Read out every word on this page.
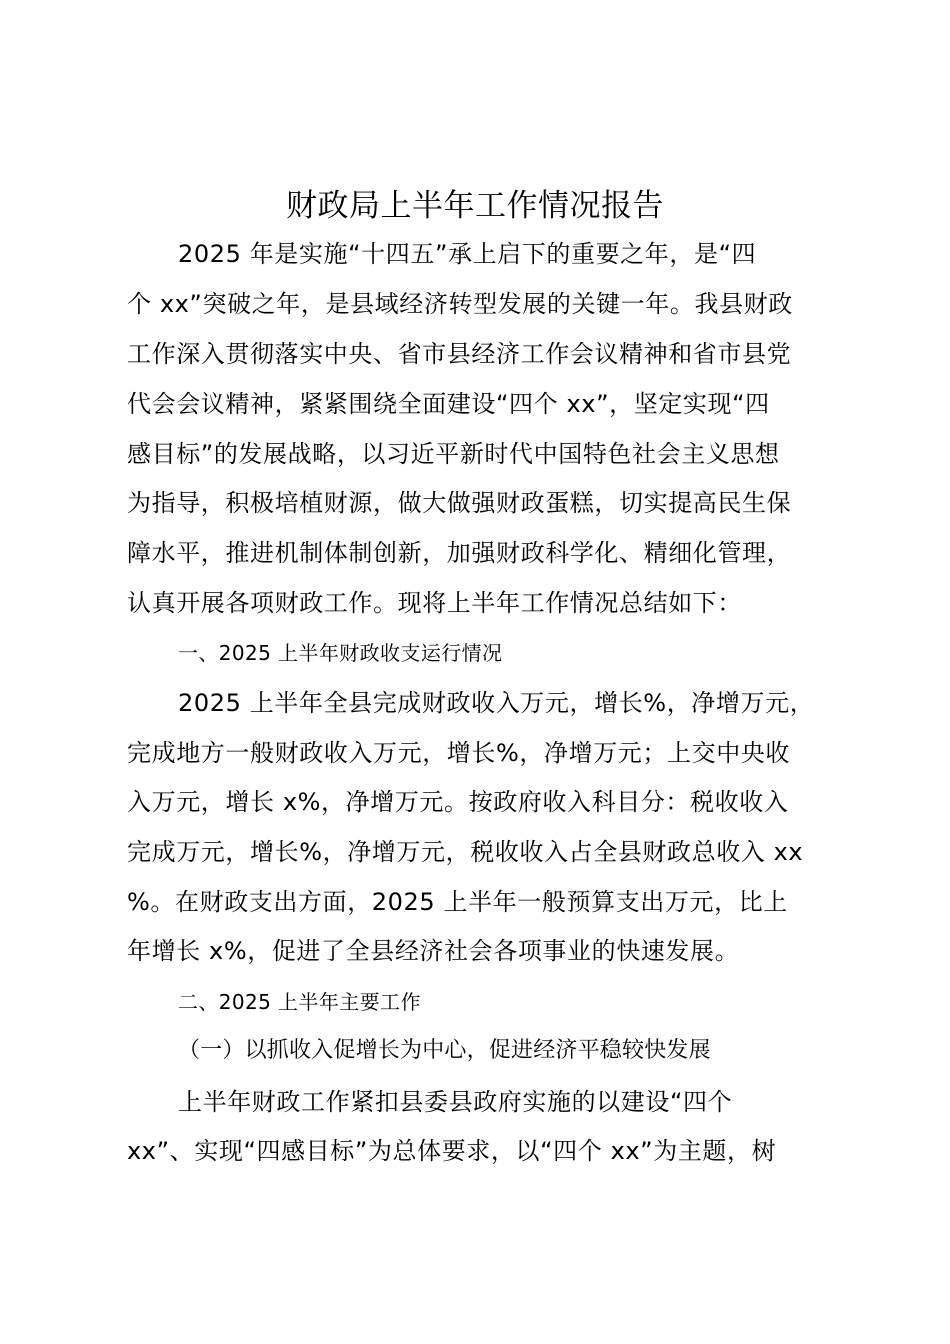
财政局上半年工作情况报告
2025 年是实施“十四五”承上启下的重要之年，是“四
个 xx”突破之年，是县域经济转型发展的关键一年。我县财政
工作深入贯彻落实中央、省市县经济工作会议精神和省市县党
代会会议精神，紧紧围绕全面建设“四个 xx”，坚定实现“四
感目标”的发展战略，以习近平新时代中国特色社会主义思想
为指导，积极培植财源，做大做强财政蛋糕，切实提高民生保
障水平，推进机制体制创新，加强财政科学化、精细化管理，
认真开展各项财政工作。现将上半年工作情况总结如下：
一、2025 上半年财政收支运行情况
2025 上半年全县完成财政收入万元，增长%，净增万元，
完成地方一般财政收入万元，增长%，净增万元；上交中央收
入万元，增长 x%，净增万元。按政府收入科目分：税收收入
完成万元，增长%，净增万元，税收收入占全县财政总收入 xx
%。在财政支出方面，2025 上半年一般预算支出万元，比上
年增长 x%，促进了全县经济社会各项事业的快速发展。
二、2025 上半年主要工作
（一）以抓收入促增长为中心，促进经济平稳较快发展
上半年财政工作紧扣县委县政府实施的以建设“四个
xx”、实现“四感目标”为总体要求，以“四个 xx”为主题，树
